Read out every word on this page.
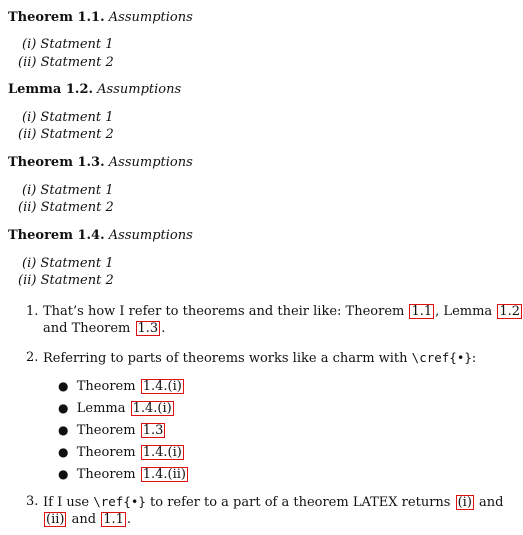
Theorem 1.1. Assumptions
(i) Statment 1
(ii) Statment 2
Lemma 1.2. Assumptions
(i) Statment 1
(ii) Statment 2
Theorem 1.3. Assumptions
(i) Statment 1
(ii) Statment 2
Theorem 1.4. Assumptions
(i) Statment 1
(ii) Statment 2
1. That’s how I refer to theorems and their like: Theorem 1.1 , Lemma 1.2
and Theorem 1.3 .
2. Referring to parts of theorems works like a charm with \cref{•}:
● Theorem 1.4.(i)
● Lemma 1.4.(i)
● Theorem 1.3
● Theorem 1.4.(i)
● Theorem 1.4.(ii)
3. If I use \ref{•} to refer to a part of a theorem LATEX returns (i) and
(ii) and 1.1 .
